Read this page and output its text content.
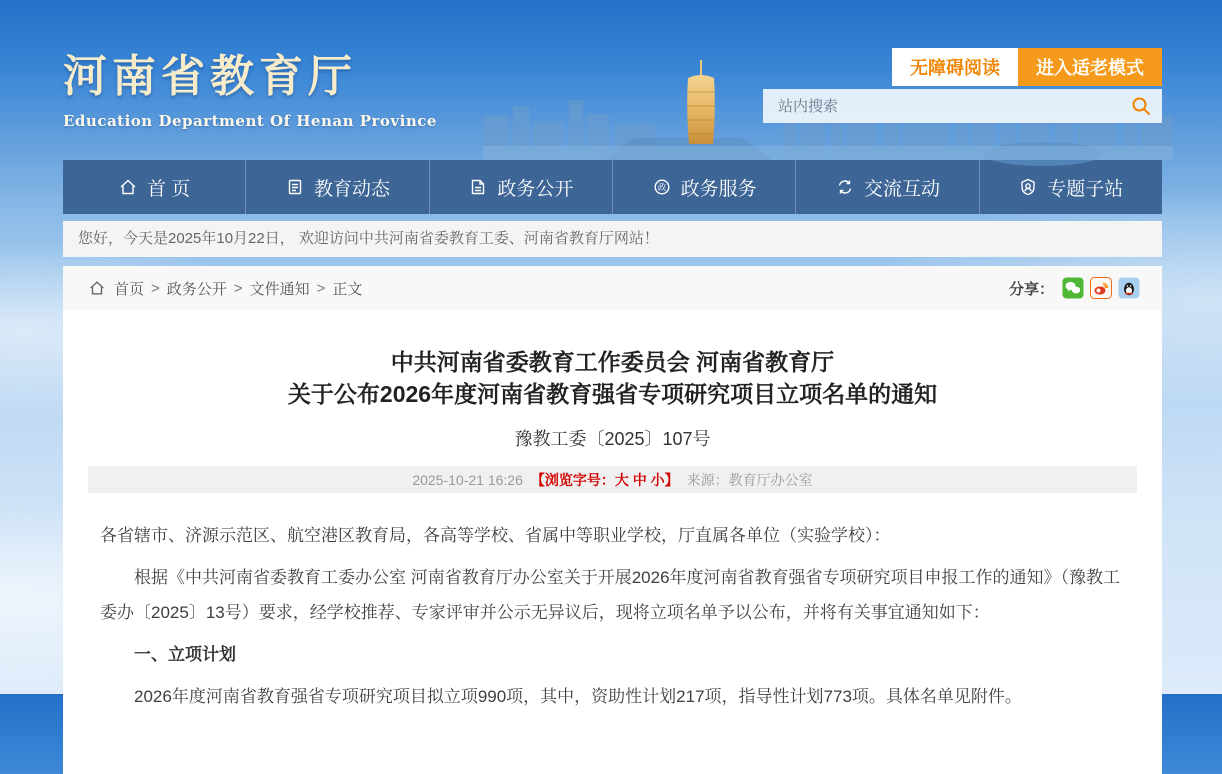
河南省教育厅
Education Department Of Henan Province
无障碍阅读	进入适老模式
站内搜索
首 页	教育动态	政务公开	政 政务服务	交流互动	专题子站
您好，今天是2025年10月22日， 欢迎访问中共河南省委教育工委、河南省教育厅网站！
首页 > 政务公开 > 文件通知 > 正文	分享：
中共河南省委教育工作委员会 河南省教育厅
关于公布2026年度河南省教育强省专项研究项目立项名单的通知
豫教工委〔2025〕107号
2025-10-21 16:26 【浏览字号：大 中 小】 来源：教育厅办公室

各省辖市、济源示范区、航空港区教育局，各高等学校、省属中等职业学校，厅直属各单位（实验学校）：

根据《中共河南省委教育工委办公室 河南省教育厅办公室关于开展2026年度河南省教育强省专项研究项目申报工作的通知》（豫教工委办〔2025〕13号）要求，经学校推荐、专家评审并公示无异议后，现将立项名单予以公布，并将有关事宜通知如下：

一、立项计划

2026年度河南省教育强省专项研究项目拟立项990项，其中，资助性计划217项，指导性计划773项。具体名单见附件。
